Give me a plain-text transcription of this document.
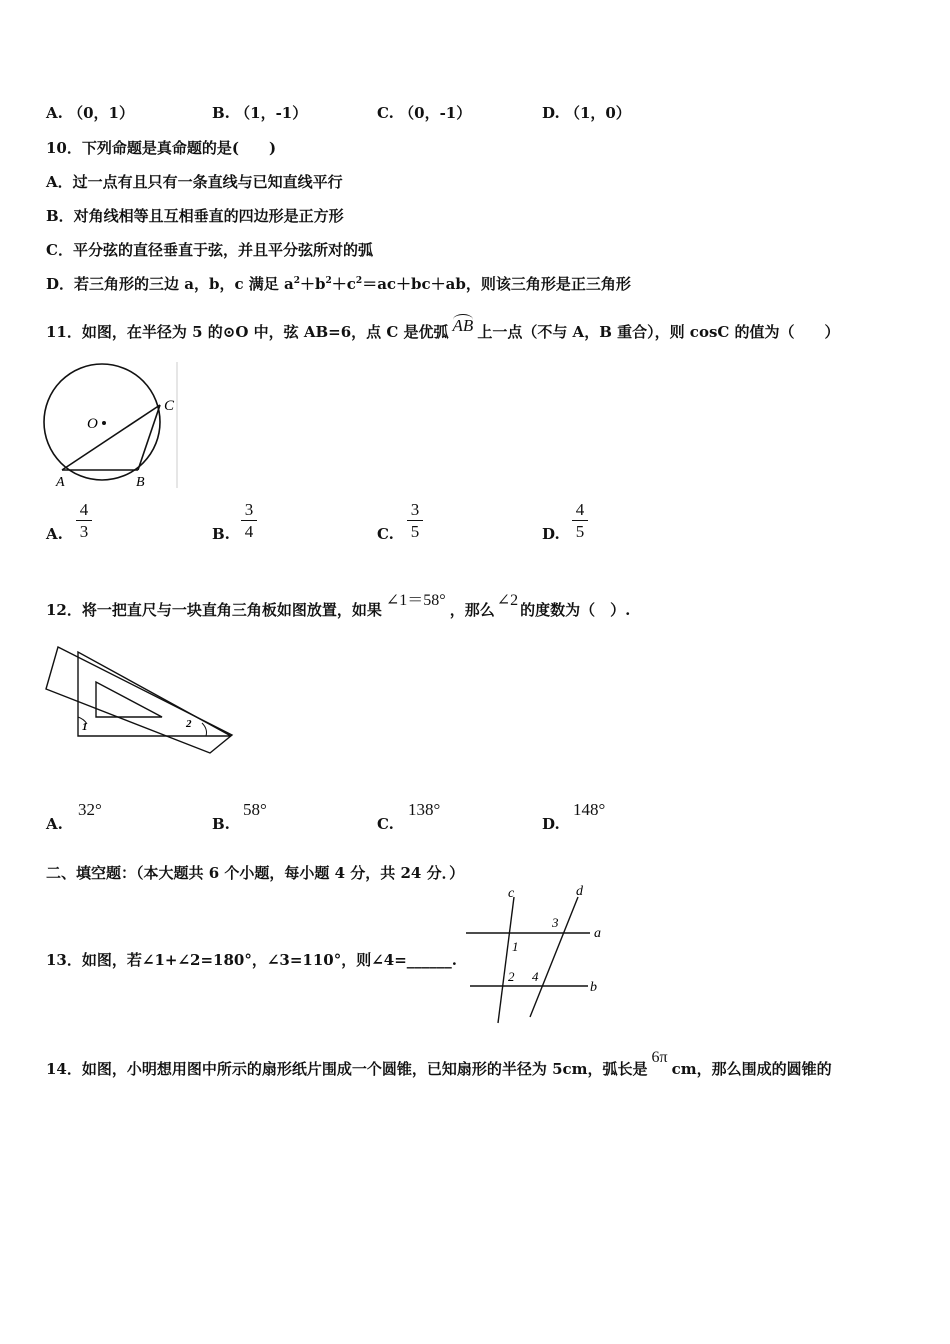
A. （0，1）	B. （1，-1）	C. （0，-1）	D. （1，0）
10．下列命题是真命题的是(　　)
A．过一点有且只有一条直线与已知直线平行
B．对角线相等且互相垂直的四边形是正方形
C．平分弦的直径垂直于弦，并且平分弦所对的弧
D．若三角形的三边 a，b，c 满足 $a^2+b^2+c^2=ac+bc+ab$，则该三角形是正三角形
11．如图，在半径为 5 的⊙O 中，弦 AB=6，点 C 是优弧 AB 上一点（不与 A，B 重合），则 cosC 的值为（　　）
O
A	B
C
A. $\frac{4}{3}$	B. $\frac{3}{4}$	C. $\frac{3}{5}$	D. $\frac{4}{5}$
12．将一把直尺与一块直角三角板如图放置，如果∠1＝58°，那么∠2的度数为（　）.
1	2
A.
32°
B.
58°
C.
138°
D.
148°
二、填空题：（本大题共 6 个小题，每小题 4 分，共 24 分．）
13．如图，若∠1+∠2=180°，∠3=110°，则∠4=______.
c	d
a
b
1
2
3
4
14．如图，小明想用图中所示的扇形纸片围成一个圆锥，已知扇形的半径为 5cm，弧长是6πcm，那么围成的圆锥的
